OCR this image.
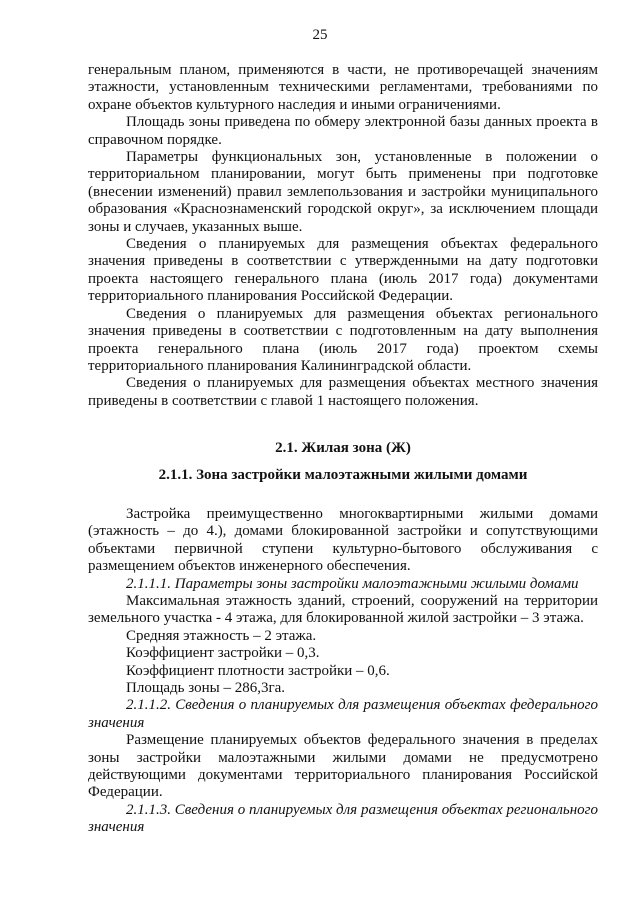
25

генеральным планом, применяются в части, не противоречащей значениям этажности, установленным техническими регламентами, требованиями по охране объектов культурного наследия и иными ограничениями.

Площадь зоны приведена по обмеру электронной базы данных проекта в справочном порядке.

Параметры функциональных зон, установленные в положении о территориальном планировании, могут быть применены при подготовке (внесении изменений) правил землепользования и застройки муниципального образования «Краснознаменский городской округ», за исключением площади зоны и случаев, указанных выше.

Сведения о планируемых для размещения объектах федерального значения приведены в соответствии с утвержденными на дату подготовки проекта настоящего генерального плана (июль 2017 года) документами территориального планирования Российской Федерации.

Сведения о планируемых для размещения объектах регионального значения приведены в соответствии с подготовленным на дату выполнения проекта генерального плана (июль 2017 года) проектом схемы территориального планирования Калининградской области.

Сведения о планируемых для размещения объектах местного значения приведены в соответствии с главой 1 настоящего положения.

2.1. Жилая зона (Ж)

2.1.1. Зона застройки малоэтажными жилыми домами

Застройка преимущественно многоквартирными жилыми домами (этажность – до 4.), домами блокированной застройки и сопутствующими объектами первичной ступени культурно-бытового обслуживания с размещением объектов инженерного обеспечения.

2.1.1.1. Параметры зоны застройки малоэтажными жилыми домами

Максимальная этажность зданий, строений, сооружений на территории земельного участка - 4 этажа, для блокированной жилой застройки – 3 этажа.

Средняя этажность – 2 этажа.

Коэффициент застройки – 0,3.

Коэффициент плотности застройки – 0,6.

Площадь зоны – 286,3га.

2.1.1.2. Сведения о планируемых для размещения объектах федерального значения

Размещение планируемых объектов федерального значения в пределах зоны застройки малоэтажными жилыми домами не предусмотрено действующими документами территориального планирования Российской Федерации.

2.1.1.3. Сведения о планируемых для размещения объектах регионального значения
